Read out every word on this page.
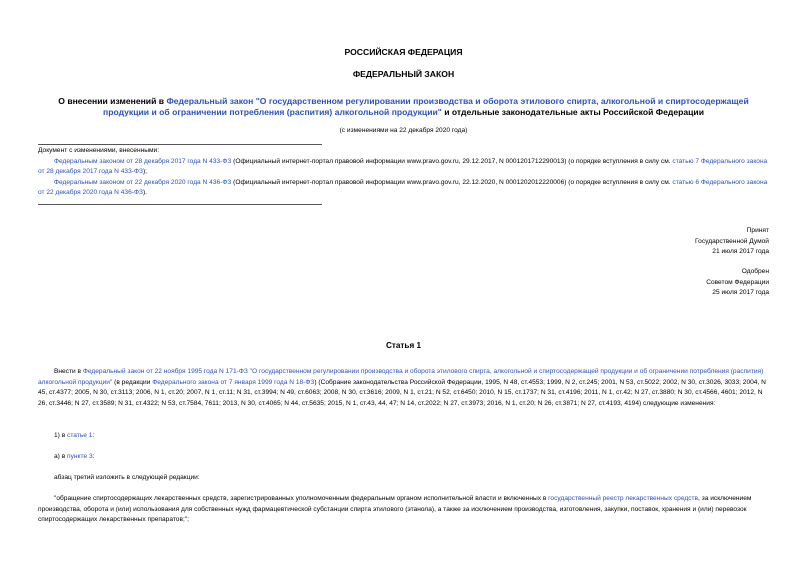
РОССИЙСКАЯ ФЕДЕРАЦИЯ
ФЕДЕРАЛЬНЫЙ ЗАКОН
О внесении изменений в Федеральный закон "О государственном регулировании производства и оборота этилового спирта, алкогольной и спиртосодержащей продукции и об ограничении потребления (распития) алкогольной продукции" и отдельные законодательные акты Российской Федерации
(с изменениями на 22 декабря 2020 года)
Документ с изменениями, внесенными:
Федеральным законом от 28 декабря 2017 года N 433-ФЗ (Официальный интернет-портал правовой информации www.pravo.gov.ru, 29.12.2017, N 0001201712290013) (о порядке вступления в силу см. статью 7 Федерального закона от 28 декабря 2017 года N 433-ФЗ);
Федеральным законом от 22 декабря 2020 года N 436-ФЗ (Официальный интернет-портал правовой информации www.pravo.gov.ru, 22.12.2020, N 0001202012220006) (о порядке вступления в силу см. статью 6 Федерального закона от 22 декабря 2020 года N 436-ФЗ).
Принят
Государственной Думой
21 июля 2017 года
Одобрен
Советом Федерации
25 июля 2017 года
Статья 1
Внести в Федеральный закон от 22 ноября 1995 года N 171-ФЗ "О государственном регулировании производства и оборота этилового спирта, алкогольной и спиртосодержащей продукции и об ограничении потребления (распития) алкогольной продукции" (в редакции Федерального закона от 7 января 1999 года N 18-ФЗ) (Собрание законодательства Российской Федерации, 1995, N 48, ст.4553; 1999, N 2, ст.245; 2001, N 53, ст.5022; 2002, N 30, ст.3026, 3033; 2004, N 45, ст.4377; 2005, N 30, ст.3113; 2006, N 1, ст.20; 2007, N 1, ст.11; N 31, ст.3994; N 49, ст.6063; 2008, N 30, ст.3616; 2009, N 1, ст.21; N 52, ст.6450; 2010, N 15, ст.1737; N 31, ст.4196; 2011, N 1, ст.42; N 27, ст.3880; N 30, ст.4566, 4601; 2012, N 26, ст.3446; N 27, ст.3589; N 31, ст.4322; N 53, ст.7584, 7611; 2013, N 30, ст.4065; N 44, ст.5635; 2015, N 1, ст.43, 44, 47; N 14, ст.2022; N 27, ст.3973; 2016, N 1, ст.20; N 26, ст.3871; N 27, ст.4193, 4194) следующие изменения:
1) в статье 1:
а) в пункте 3:
абзац третий изложить в следующей редакции:
"обращение спиртосодержащих лекарственных средств, зарегистрированных уполномоченным федеральным органом исполнительной власти и включенных в государственный реестр лекарственных средств, за исключением производства, оборота и (или) использования для собственных нужд фармацевтической субстанции спирта этилового (этанола), а также за исключением производства, изготовления, закупки, поставок, хранения и (или) перевозок спиртосодержащих лекарственных препаратов;";
